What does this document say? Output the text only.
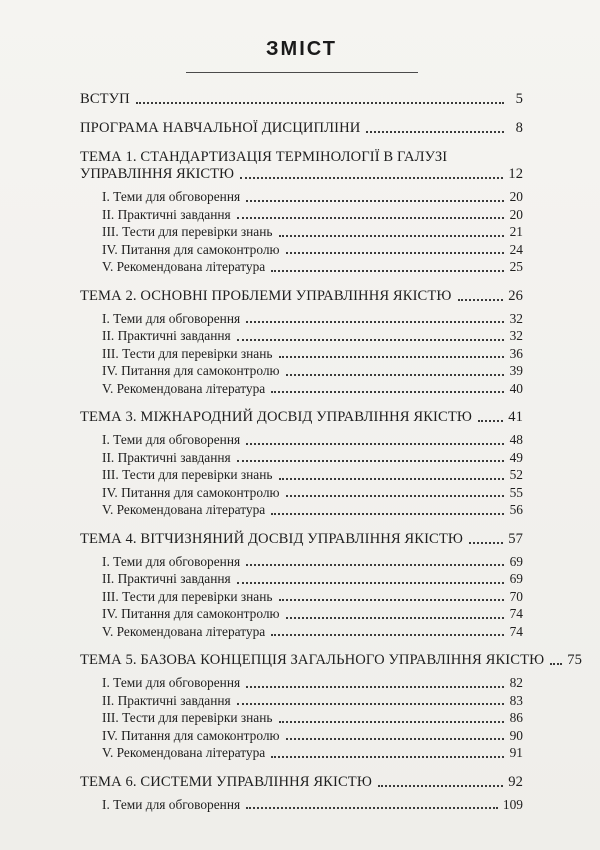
ЗМІСТ
ВСТУП	5
ПРОГРАМА НАВЧАЛЬНОЇ ДИСЦИПЛІНИ	8
ТЕМА 1. СТАНДАРТИЗАЦІЯ ТЕРМІНОЛОГІЇ В ГАЛУЗІ
УПРАВЛІННЯ ЯКІСТЮ	12
I. Теми для обговорення	20
II. Практичні завдання	20
III. Тести для перевірки знань	21
IV. Питання для самоконтролю	24
V. Рекомендована література	25
ТЕМА 2. ОСНОВНІ ПРОБЛЕМИ УПРАВЛІННЯ ЯКІСТЮ	26
I. Теми для обговорення	32
II. Практичні завдання	32
III. Тести для перевірки знань	36
IV. Питання для самоконтролю	39
V. Рекомендована література	40
ТЕМА 3. МІЖНАРОДНИЙ ДОСВІД УПРАВЛІННЯ ЯКІСТЮ 41
I. Теми для обговорення	48
II. Практичні завдання	49
III. Тести для перевірки знань	52
IV. Питання для самоконтролю	55
V. Рекомендована література	56
ТЕМА 4. ВІТЧИЗНЯНИЙ ДОСВІД УПРАВЛІННЯ ЯКІСТЮ	57
I. Теми для обговорення	69
II. Практичні завдання	69
III. Тести для перевірки знань	70
IV. Питання для самоконтролю	74
V. Рекомендована література	74
ТЕМА 5. БАЗОВА КОНЦЕПЦІЯ ЗАГАЛЬНОГО УПРАВЛІННЯ ЯКІСТЮ 75
I. Теми для обговорення	82
II. Практичні завдання	83
III. Тести для перевірки знань	86
IV. Питання для самоконтролю	90
V. Рекомендована література	91
ТЕМА 6. СИСТЕМИ УПРАВЛІННЯ ЯКІСТЮ	92
I. Теми для обговорення	109
